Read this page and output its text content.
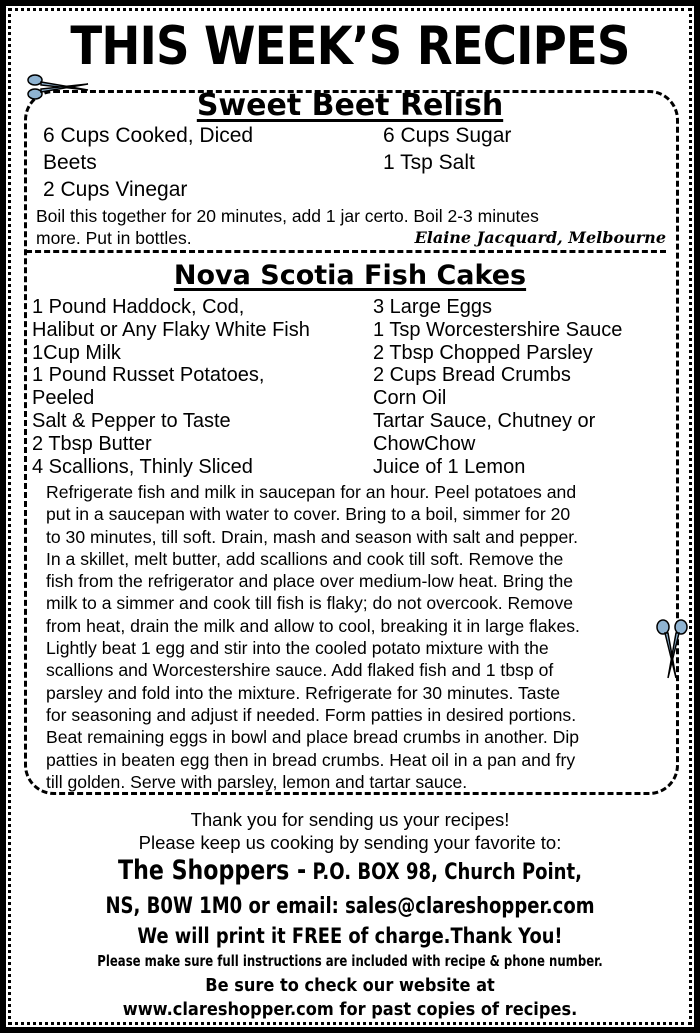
THIS WEEK’S RECIPES
Sweet Beet Relish
6 Cups Cooked, Diced
Beets
2 Cups Vinegar
6 Cups Sugar
1 Tsp Salt
Boil this together for 20 minutes, add 1 jar certo. Boil 2-3 minutes
more. Put in bottles.	Elaine Jacquard, Melbourne
Nova Scotia Fish Cakes
1 Pound Haddock, Cod,
Halibut or Any Flaky White Fish
1Cup Milk
1 Pound Russet Potatoes,
Peeled
Salt & Pepper to Taste
2 Tbsp Butter
4 Scallions, Thinly Sliced
3 Large Eggs
1 Tsp Worcestershire Sauce
2 Tbsp Chopped Parsley
2 Cups Bread Crumbs
Corn Oil
Tartar Sauce, Chutney or
ChowChow
Juice of 1 Lemon
Refrigerate fish and milk in saucepan for an hour. Peel potatoes and
put in a saucepan with water to cover. Bring to a boil, simmer for 20
to 30 minutes, till soft. Drain, mash and season with salt and pepper.
In a skillet, melt butter, add scallions and cook till soft. Remove the
fish from the refrigerator and place over medium-low heat. Bring the
milk to a simmer and cook till fish is flaky; do not overcook. Remove
from heat, drain the milk and allow to cool, breaking it in large flakes.
Lightly beat 1 egg and stir into the cooled potato mixture with the
scallions and Worcestershire sauce. Add flaked fish and 1 tbsp of
parsley and fold into the mixture. Refrigerate for 30 minutes. Taste
for seasoning and adjust if needed. Form patties in desired portions.
Beat remaining eggs in bowl and place bread crumbs in another. Dip
patties in beaten egg then in bread crumbs. Heat oil in a pan and fry
till golden. Serve with parsley, lemon and tartar sauce.
Thank you for sending us your recipes!
Please keep us cooking by sending your favorite to:
The Shoppers - P.O. BOX 98, Church Point,
NS, B0W 1M0 or email: sales@clareshopper.com
We will print it FREE of charge.Thank You!
Please make sure full instructions are included with recipe & phone number.
Be sure to check our website at
www.clareshopper.com for past copies of recipes.
